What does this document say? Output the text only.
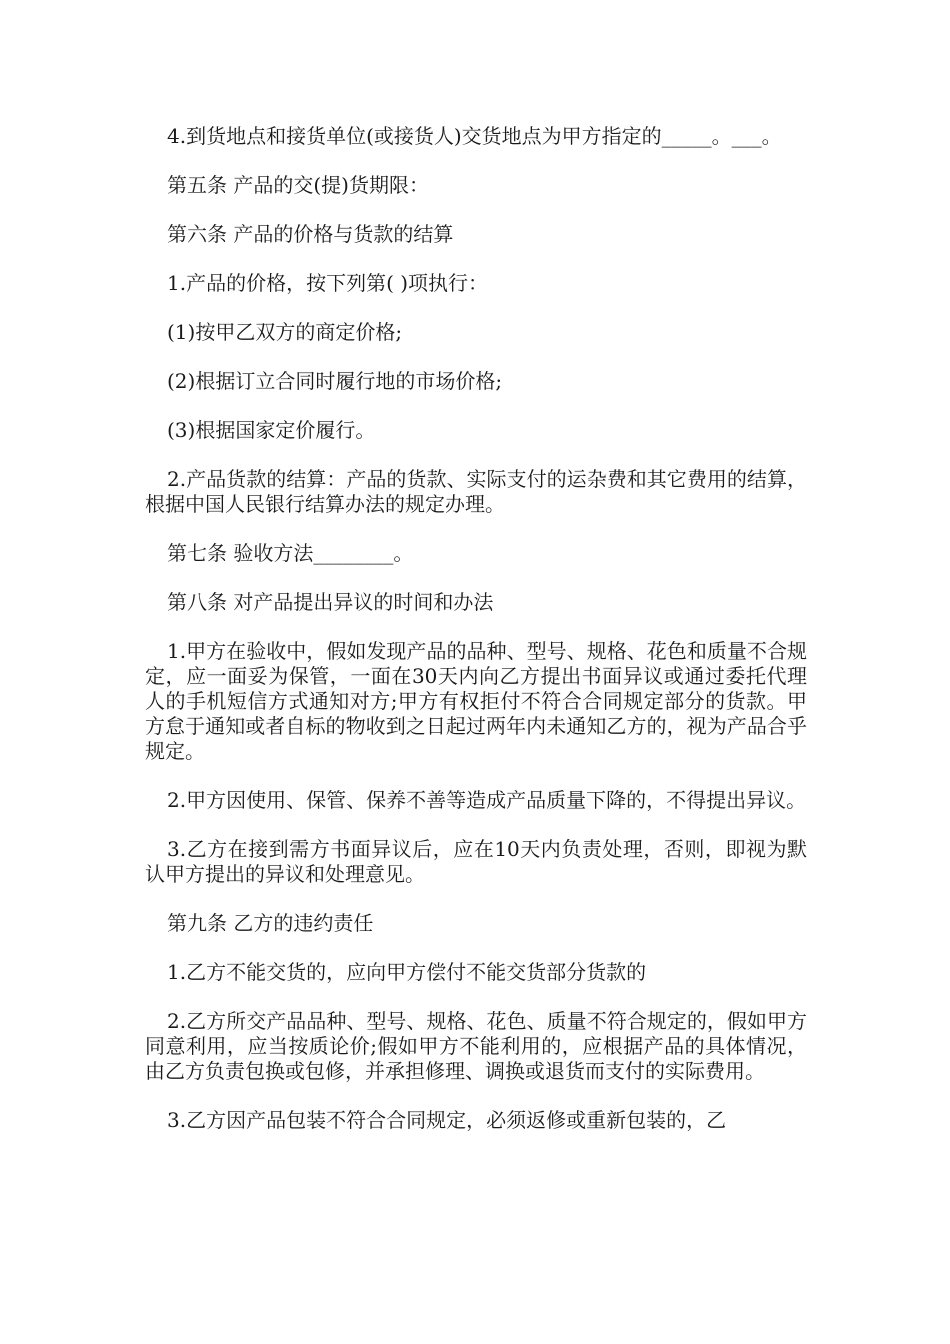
4.到货地点和接货单位(或接货人)交货地点为甲方指定的_____。___。

第五条 产品的交(提)货期限：

第六条 产品的价格与货款的结算

1.产品的价格，按下列第( )项执行：

(1)按甲乙双方的商定价格;

(2)根据订立合同时履行地的市场价格;

(3)根据国家定价履行。

2.产品货款的结算：产品的货款、实际支付的运杂费和其它费用的结算，根据中国人民银行结算办法的规定办理。

第七条 验收方法________。

第八条 对产品提出异议的时间和办法

1.甲方在验收中，假如发现产品的品种、型号、规格、花色和质量不合规定，应一面妥为保管，一面在30天内向乙方提出书面异议或通过委托代理人的手机短信方式通知对方;甲方有权拒付不符合合同规定部分的货款。甲方怠于通知或者自标的物收到之日起过两年内未通知乙方的，视为产品合乎规定。

2.甲方因使用、保管、保养不善等造成产品质量下降的，不得提出异议。

3.乙方在接到需方书面异议后，应在10天内负责处理，否则，即视为默认甲方提出的异议和处理意见。

第九条 乙方的违约责任

1.乙方不能交货的，应向甲方偿付不能交货部分货款的

2.乙方所交产品品种、型号、规格、花色、质量不符合规定的，假如甲方同意利用，应当按质论价;假如甲方不能利用的，应根据产品的具体情况，由乙方负责包换或包修，并承担修理、调换或退货而支付的实际费用。

3.乙方因产品包装不符合合同规定，必须返修或重新包装的，乙
